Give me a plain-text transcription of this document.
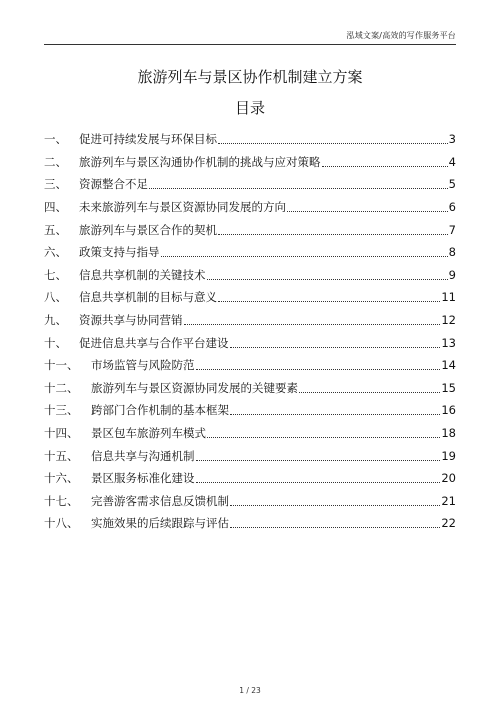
泓域文案/高效的写作服务平台
旅游列车与景区协作机制建立方案
目录
一、	促进可持续发展与环保目标	3
二、	旅游列车与景区沟通协作机制的挑战与应对策略	4
三、	资源整合不足	5
四、	未来旅游列车与景区资源协同发展的方向	6
五、	旅游列车与景区合作的契机	7
六、	政策支持与指导	8
七、	信息共享机制的关键技术	9
八、	信息共享机制的目标与意义	11
九、	资源共享与协同营销	12
十、	促进信息共享与合作平台建设	13
十一、	市场监管与风险防范	14
十二、	旅游列车与景区资源协同发展的关键要素	15
十三、	跨部门合作机制的基本框架	16
十四、	景区包车旅游列车模式	18
十五、	信息共享与沟通机制	19
十六、	景区服务标准化建设	20
十七、	完善游客需求信息反馈机制	21
十八、	实施效果的后续跟踪与评估	22
1 / 23
